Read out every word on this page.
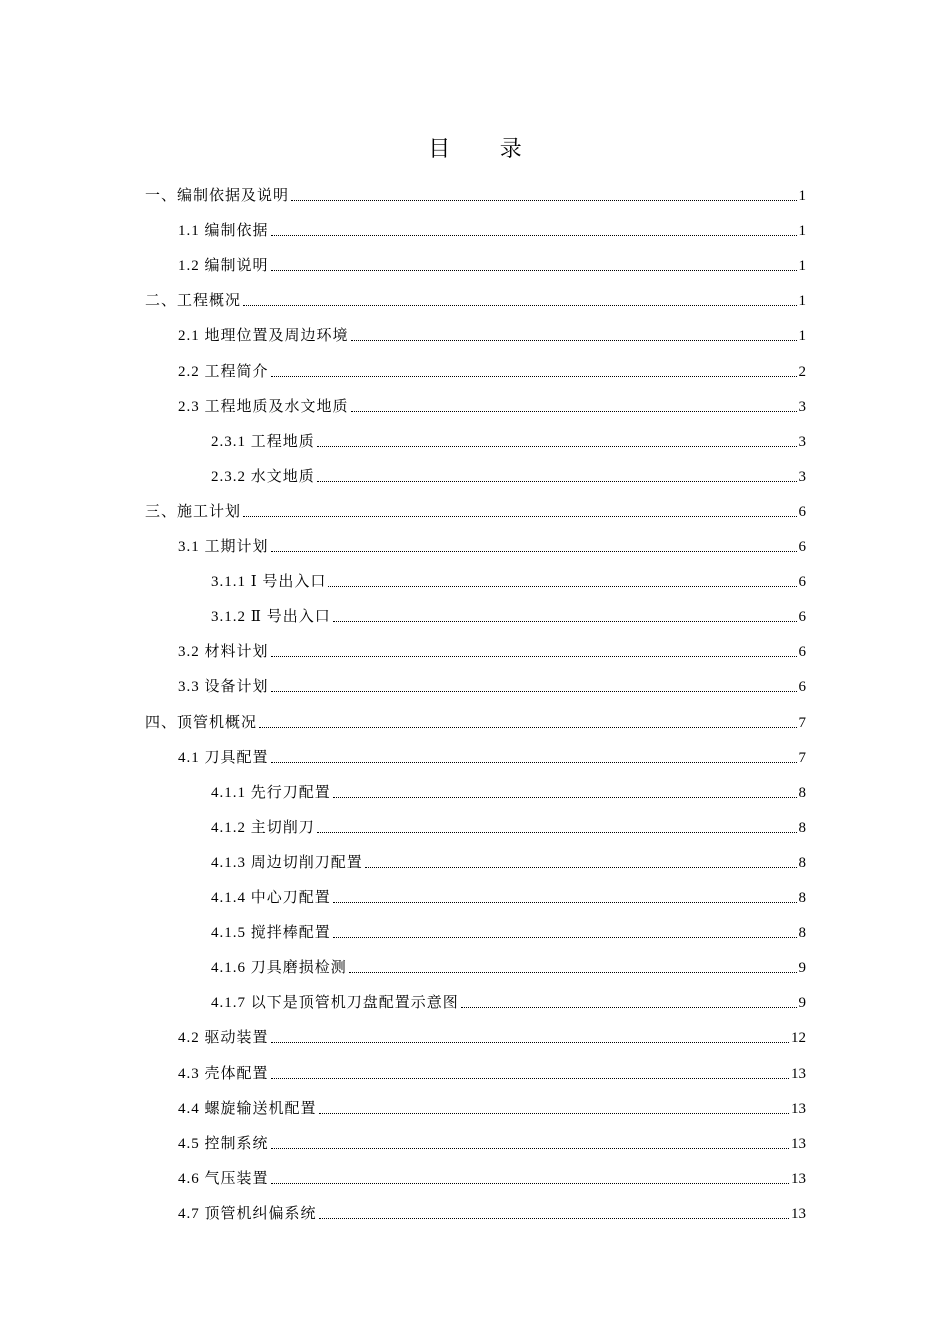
目 录
一、编制依据及说明	1
1.1 编制依据	1
1.2 编制说明	1
二、工程概况	1
2.1 地理位置及周边环境	1
2.2 工程简介	2
2.3 工程地质及水文地质	3
2.3.1 工程地质	3
2.3.2 水文地质	3
三、施工计划	6
3.1 工期计划	6
3.1.1 Ⅰ 号出入口	6
3.1.2 Ⅱ 号出入口	6
3.2 材料计划	6
3.3 设备计划	6
四、顶管机概况	7
4.1 刀具配置	7
4.1.1 先行刀配置	8
4.1.2 主切削刀	8
4.1.3 周边切削刀配置	8
4.1.4 中心刀配置	8
4.1.5 搅拌棒配置	8
4.1.6 刀具磨损检测	9
4.1.7 以下是顶管机刀盘配置示意图	9
4.2 驱动装置	12
4.3 壳体配置	13
4.4 螺旋输送机配置	13
4.5 控制系统	13
4.6 气压装置	13
4.7 顶管机纠偏系统	13
